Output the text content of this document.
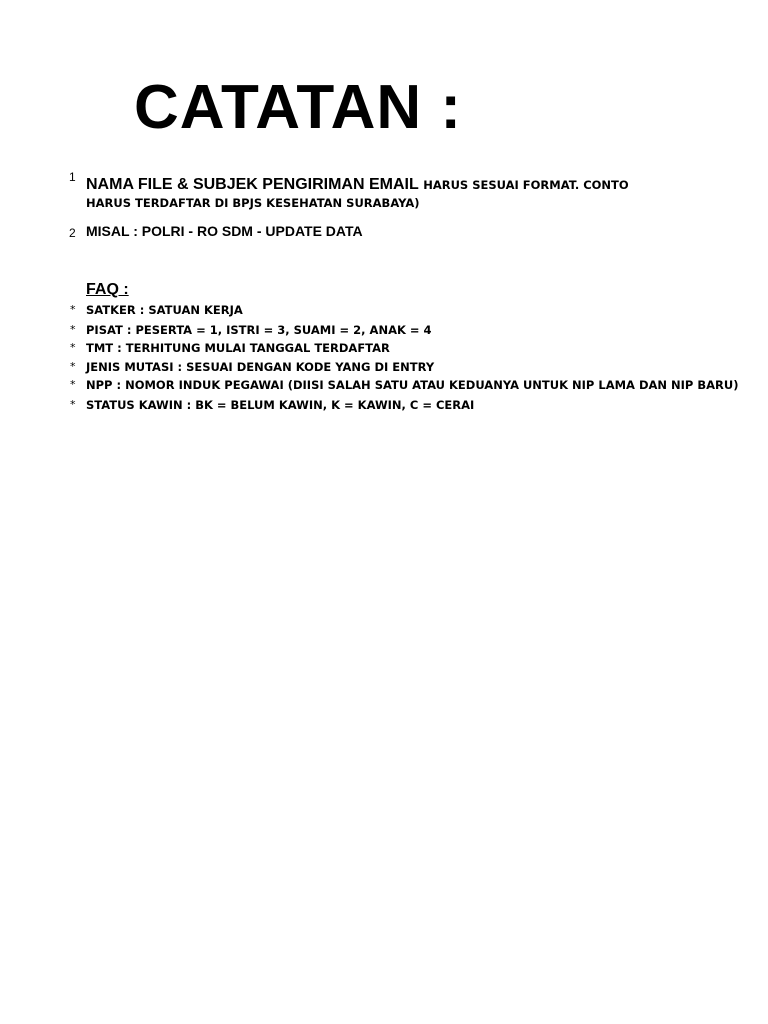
CATATAN :
1 NAMA FILE & SUBJEK PENGIRIMAN EMAIL HARUS SESUAI FORMAT. CONTO
HARUS TERDAFTAR DI BPJS KESEHATAN SURABAYA)
2 MISAL : POLRI - RO SDM - UPDATE DATA
FAQ :
* SATKER : SATUAN KERJA
* PISAT : PESERTA = 1, ISTRI = 3, SUAMI = 2, ANAK = 4
* TMT : TERHITUNG MULAI TANGGAL TERDAFTAR
* JENIS MUTASI : SESUAI DENGAN KODE YANG DI ENTRY
* NPP : NOMOR INDUK PEGAWAI (DIISI SALAH SATU ATAU KEDUANYA UNTUK NIP LAMA DAN NIP BARU)
* STATUS KAWIN : BK = BELUM KAWIN, K = KAWIN, C = CERAI
